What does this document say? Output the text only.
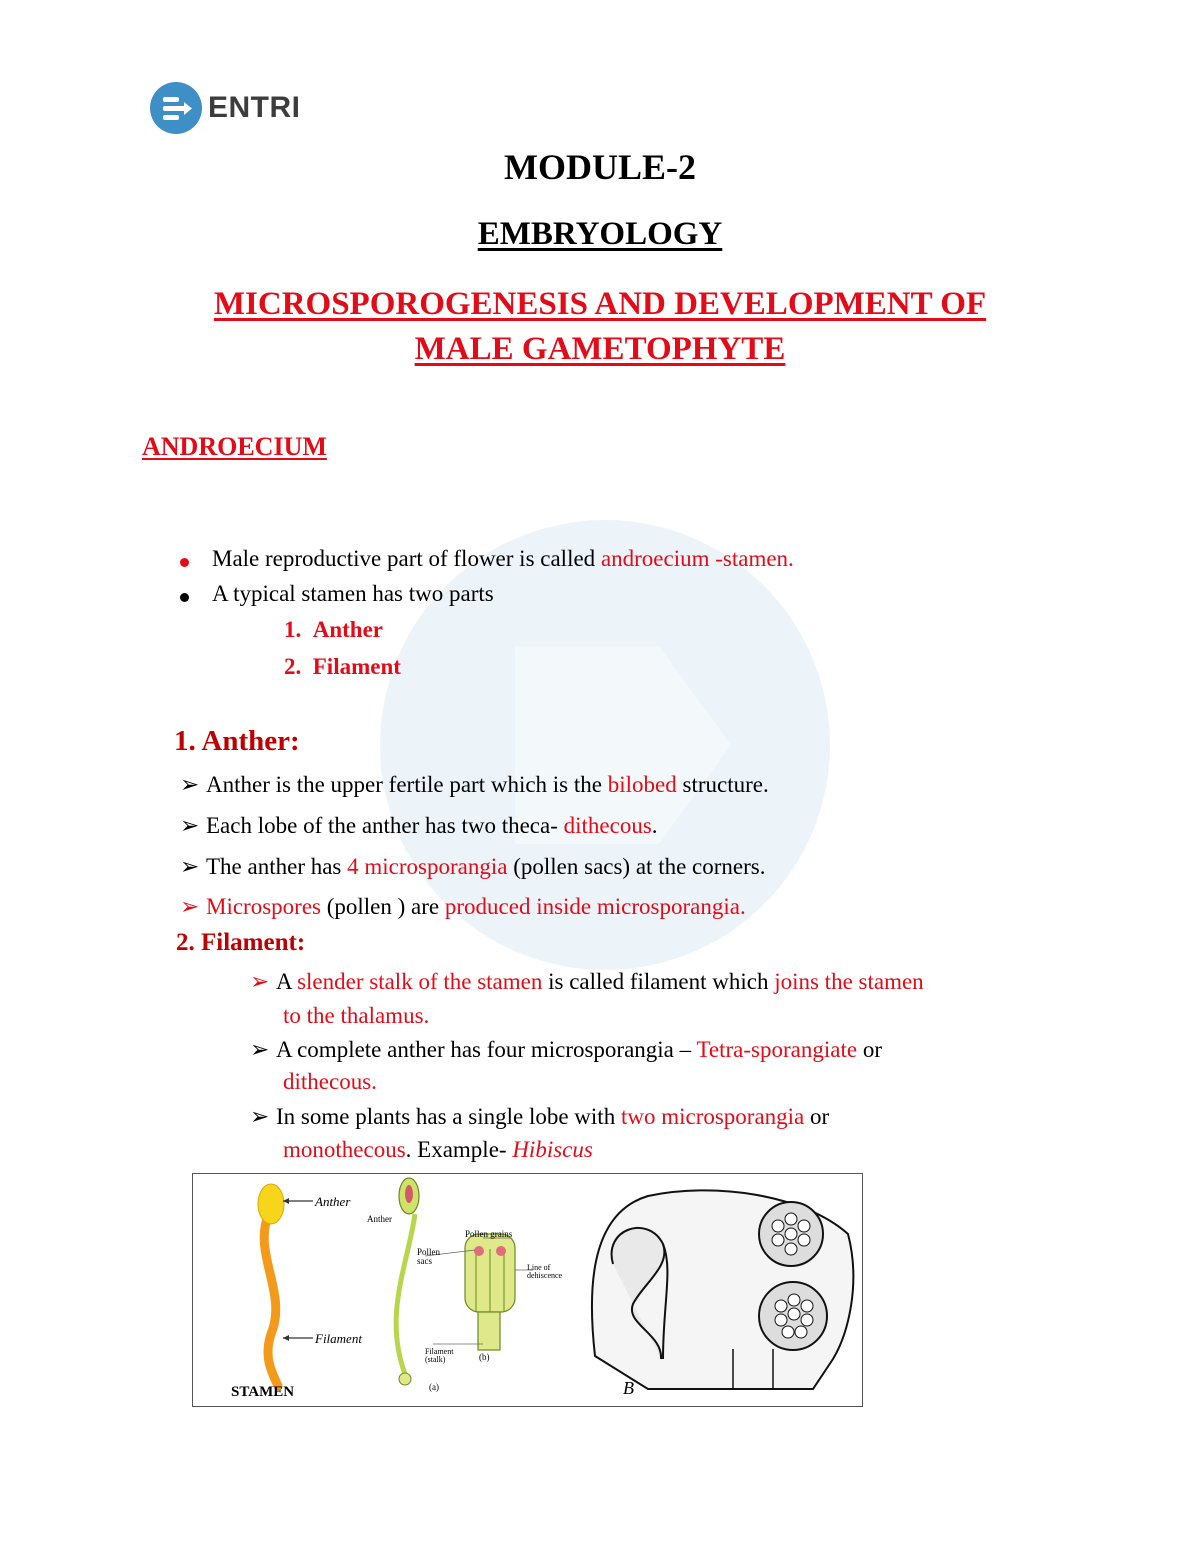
ENTRI
MODULE-2
EMBRYOLOGY
MICROSPOROGENESIS AND DEVELOPMENT OF
MALE GAMETOPHYTE
ANDROECIUM
Male reproductive part of flower is called androecium -stamen.
A typical stamen has two parts
1. Anther
2. Filament
1. Anther:
➢ Anther is the upper fertile part which is the bilobed structure.
➢ Each lobe of the anther has two theca- dithecous.
➢ The anther has 4 microsporangia (pollen sacs) at the corners.
➢ Microspores (pollen ) are produced inside microsporangia.
2. Filament:
➢ A slender stalk of the stamen is called filament which joins the stamen
to the thalamus.
➢ A complete anther has four microsporangia – Tetra-sporangiate or
dithecous.
➢ In some plants has a single lobe with two microsporangia or
monothecous. Example- Hibiscus
Anther
Filament
STAMEN
Anther
Pollen grains
Pollen
sacs
Line of
dehiscence
Filament
(stalk)
(a)
(b)
B
